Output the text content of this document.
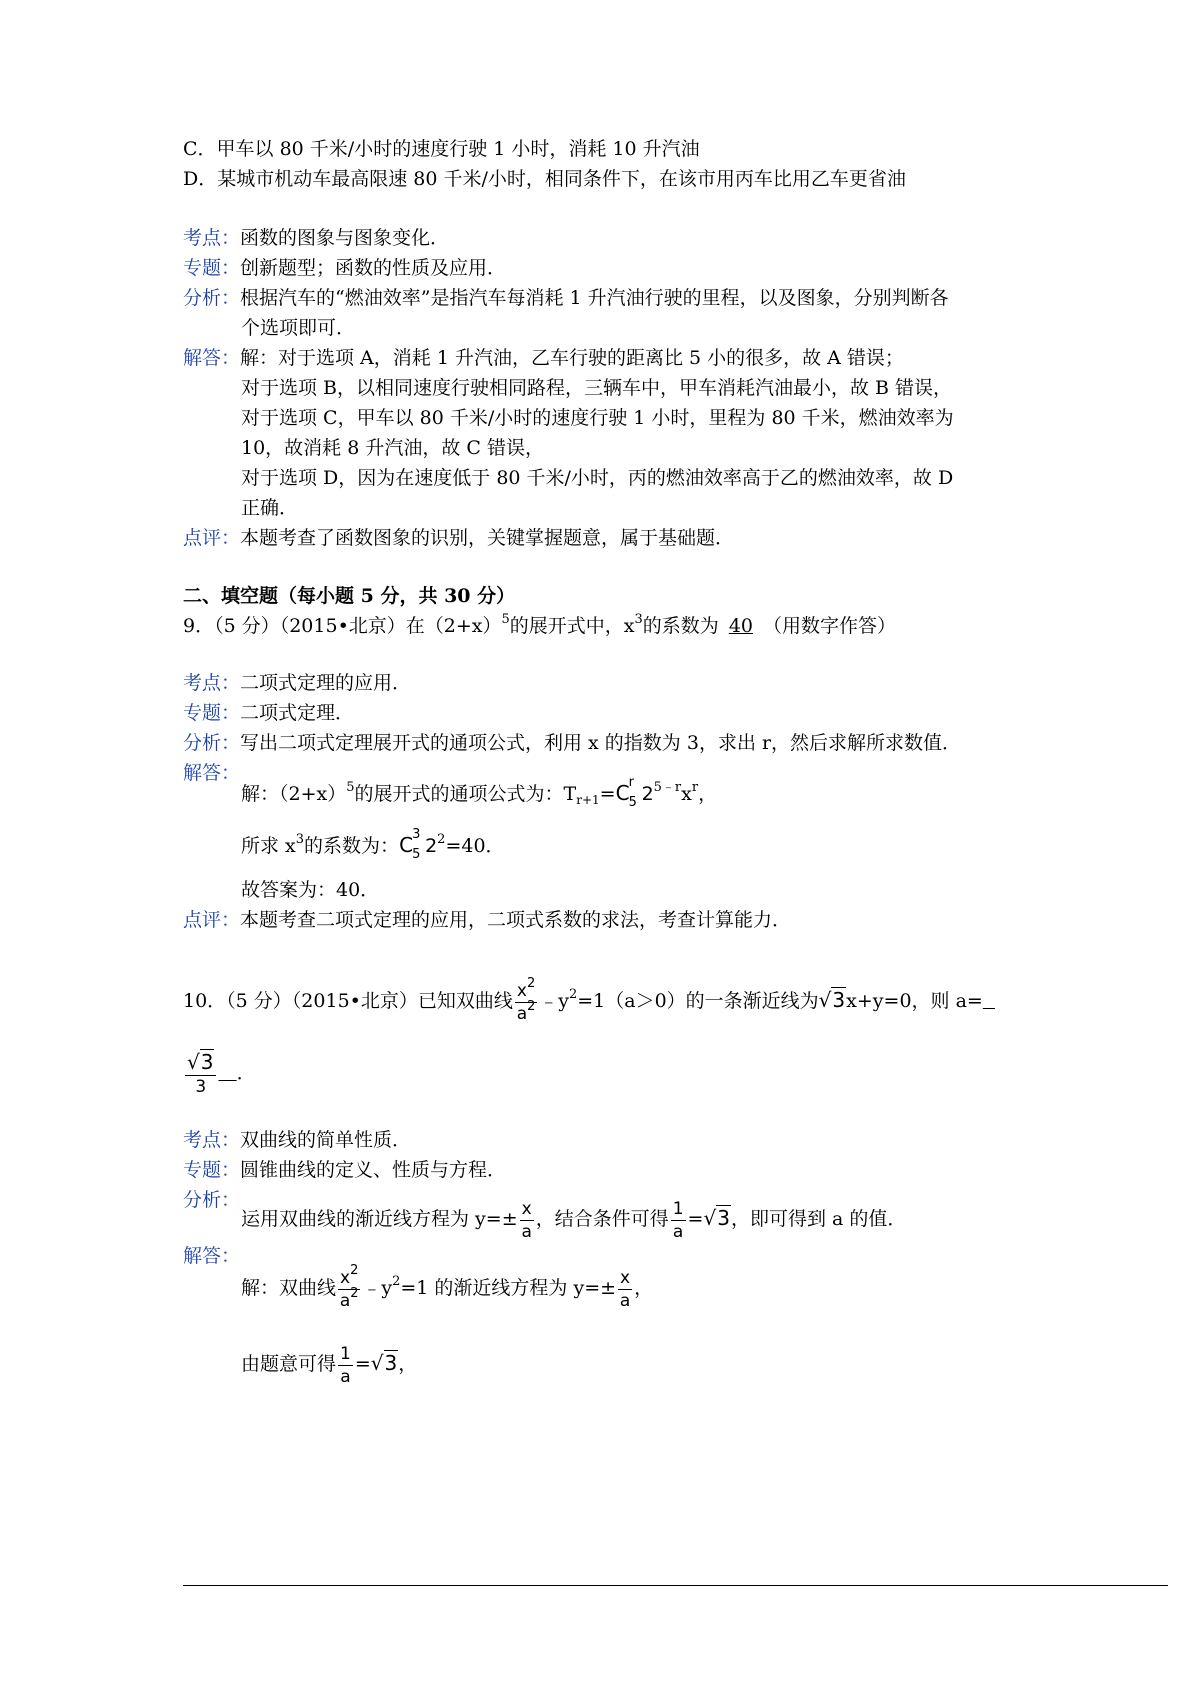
C．甲车以 80 千米/小时的速度行驶 1 小时，消耗 10 升汽油
D．某城市机动车最高限速 80 千米/小时，相同条件下，在该市用丙车比用乙车更省油
考点：函数的图象与图象变化．
专题：创新题型；函数的性质及应用．
分析：根据汽车的“燃油效率”是指汽车每消耗 1 升汽油行驶的里程，以及图象，分别判断各
个选项即可．
解答：解：对于选项 A，消耗 1 升汽油，乙车行驶的距离比 5 小的很多，故 A 错误；
对于选项 B，以相同速度行驶相同路程，三辆车中，甲车消耗汽油最小，故 B 错误，
对于选项 C，甲车以 80 千米/小时的速度行驶 1 小时，里程为 80 千米，燃油效率为
10，故消耗 8 升汽油，故 C 错误，
对于选项 D，因为在速度低于 80 千米/小时，丙的燃油效率高于乙的燃油效率，故 D
正确．
点评：本题考查了函数图象的识别，关键掌握题意，属于基础题．
二、填空题（每小题 5 分，共 30 分）
9．（5 分）（2015•北京）在$(2+x)^5$的展开式中，$x^3$的系数为 40 （用数字作答）
考点：二项式定理的应用．
专题：二项式定理．
分析：写出二项式定理展开式的通项公式，利用 x 的指数为 3，求出 r，然后求解所求数值．
解答：
解：$(2+x)^5$的展开式的通项公式为：$T_{r+1}=C$ r
5 $2^{5﹣r}x^r$，
所求 $x^3$的系数为：C 3
5 $2^2=40$．
故答案为：40．
点评：本题考查二项式定理的应用，二项式系数的求法，考查计算能力．
10．（5 分）（2015•北京）已知双曲线 $\frac{x^2}{a^2}$ $﹣y^2=1(a>0)$的一条渐近线为√3x+y=0，则 a=
$\frac{√3}{3}$ ．
考点：双曲线的简单性质．
专题：圆锥曲线的定义、性质与方程．
分析：
运用双曲线的渐近线方程为 $y=\pm \frac{x}{a}$ ，结合条件可得 $\frac{1}{a} =√3$，即可得到 a 的值．
解答：
解：双曲线 $\frac{x^2}{a^2}$ $﹣y^2=1$ 的渐近线方程为 $y=\pm \frac{x}{a}$ ，
由题意可得 $\frac{1}{a} =√3$，
